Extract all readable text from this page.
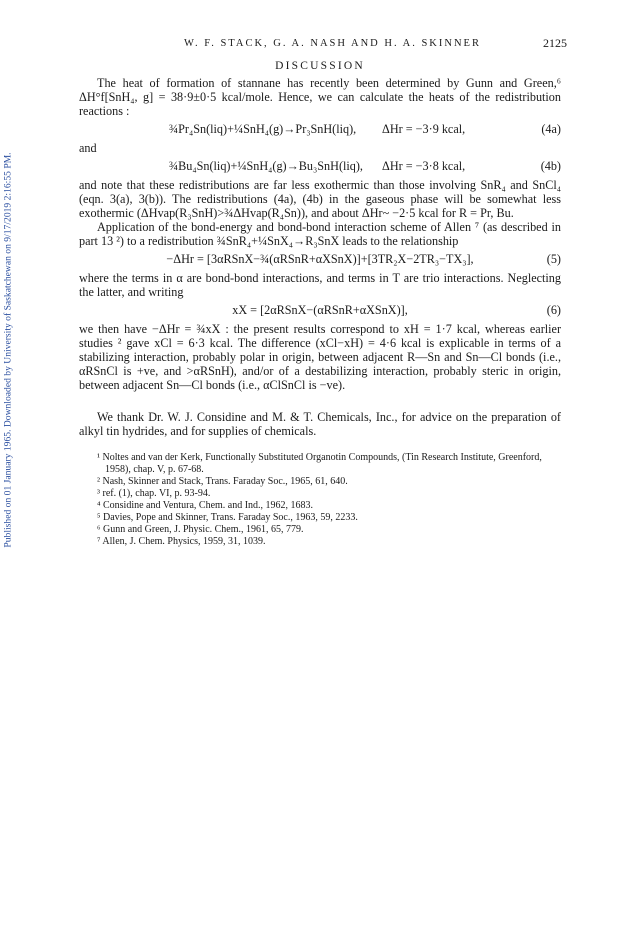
Published on 01 January 1965. Downloaded by University of Saskatchewan on 9/17/2019 2:16:55 PM.
W. F. STACK, G. A. NASH AND H. A. SKINNER	2125
DISCUSSION

The heat of formation of stannane has recently been determined by Gunn and Green,⁶ ΔH°f[SnH₄, g] = 38·9±0·5 kcal/mole. Hence, we can calculate the heats of the redistribution reactions :

¾Pr₄Sn(liq)+¼SnH₄(g)→Pr₃SnH(liq), ΔHr = −3·9 kcal,	(4a)
and
¾Bu₄Sn(liq)+¼SnH₄(g)→Bu₃SnH(liq), ΔHr = −3·8 kcal,	(4b)

and note that these redistributions are far less exothermic than those involving SnR₄ and SnCl₄ (eqn. 3(a), 3(b)). The redistributions (4a), (4b) in the gaseous phase will be somewhat less exothermic (ΔHvap(R₃SnH)>¾ΔHvap(R₄Sn)), and about ΔHr~ −2·5 kcal for R = Pr, Bu.

Application of the bond-energy and bond-bond interaction scheme of Allen ⁷ (as described in part 13 ²) to a redistribution ¾SnR₄+¼SnX₄→R₃SnX leads to the relationship

−ΔHr = [3αRSnX−¾(αRSnR+αXSnX)]+[3TR₂X−2TR₃−TX₃],	(5)

where the terms in α are bond-bond interactions, and terms in T are trio interactions. Neglecting the latter, and writing

xX = [2αRSnX−(αRSnR+αXSnX)],	(6)

we then have −ΔHr = ¾xX : the present results correspond to xH = 1·7 kcal, whereas earlier studies ² gave xCl = 6·3 kcal. The difference (xCl−xH) = 4·6 kcal is explicable in terms of a stabilizing interaction, probably polar in origin, between adjacent R—Sn and Sn—Cl bonds (i.e., αRSnCl is +ve, and >αRSnH), and/or of a destabilizing interaction, probably steric in origin, between adjacent Sn—Cl bonds (i.e., αClSnCl is −ve).

We thank Dr. W. J. Considine and M. & T. Chemicals, Inc., for advice on the preparation of alkyl tin hydrides, and for supplies of chemicals.

¹ Noltes and van der Kerk, Functionally Substituted Organotin Compounds, (Tin Research Institute, Greenford, 1958), chap. V, p. 67-68.
² Nash, Skinner and Stack, Trans. Faraday Soc., 1965, 61, 640.
³ ref. (1), chap. VI, p. 93-94.
⁴ Considine and Ventura, Chem. and Ind., 1962, 1683.
⁵ Davies, Pope and Skinner, Trans. Faraday Soc., 1963, 59, 2233.
⁶ Gunn and Green, J. Physic. Chem., 1961, 65, 779.
⁷ Allen, J. Chem. Physics, 1959, 31, 1039.
